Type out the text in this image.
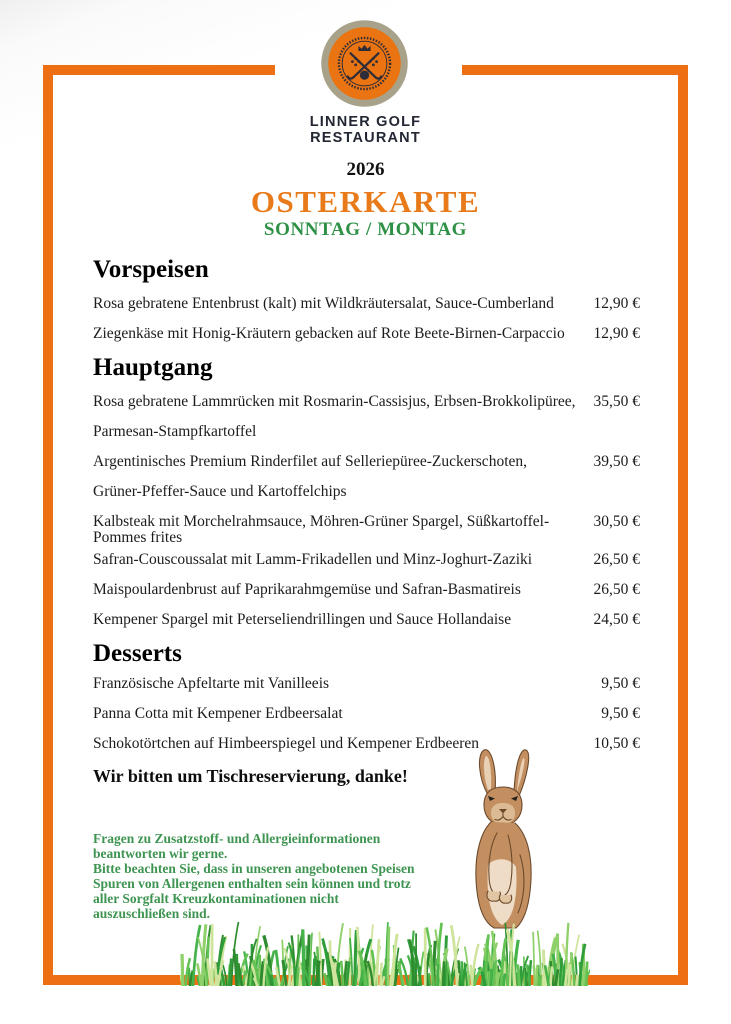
LINNER GOLF
RESTAURANT
2026
OSTERKARTE
SONNTAG / MONTAG
Vorspeisen
Rosa gebratene Entenbrust (kalt) mit Wildkräutersalat, Sauce-Cumberland	12,90 €
Ziegenkäse mit Honig-Kräutern gebacken auf Rote Beete-Birnen-Carpaccio	12,90 €
Hauptgang
Rosa gebratene Lammrücken mit Rosmarin-Cassisjus, Erbsen-Brokkolipüree,	35,50 €
Parmesan-Stampfkartoffel
Argentinisches Premium Rinderfilet auf Selleriepüree-Zuckerschoten,	39,50 €
Grüner-Pfeffer-Sauce und Kartoffelchips
Kalbsteak mit Morchelrahmsauce, Möhren-Grüner Spargel, Süßkartoffel-	30,50 €
Pommes frites
Safran-Couscoussalat mit Lamm-Frikadellen und Minz-Joghurt-Zaziki	26,50 €
Maispoulardenbrust auf Paprikarahmgemüse und Safran-Basmatireis	26,50 €
Kempener Spargel mit Peterseliendrillingen und Sauce Hollandaise	24,50 €
Desserts
Französische Apfeltarte mit Vanilleeis	9,50 €
Panna Cotta mit Kempener Erdbeersalat	9,50 €
Schokotörtchen auf Himbeerspiegel und Kempener Erdbeeren	10,50 €
Wir bitten um Tischreservierung, danke!
Fragen zu Zusatzstoff- und Allergieinformationen
beantworten wir gerne.
Bitte beachten Sie, dass in unseren angebotenen Speisen
Spuren von Allergenen enthalten sein können und trotz
aller Sorgfalt Kreuzkontaminationen nicht
auszuschließen sind.
